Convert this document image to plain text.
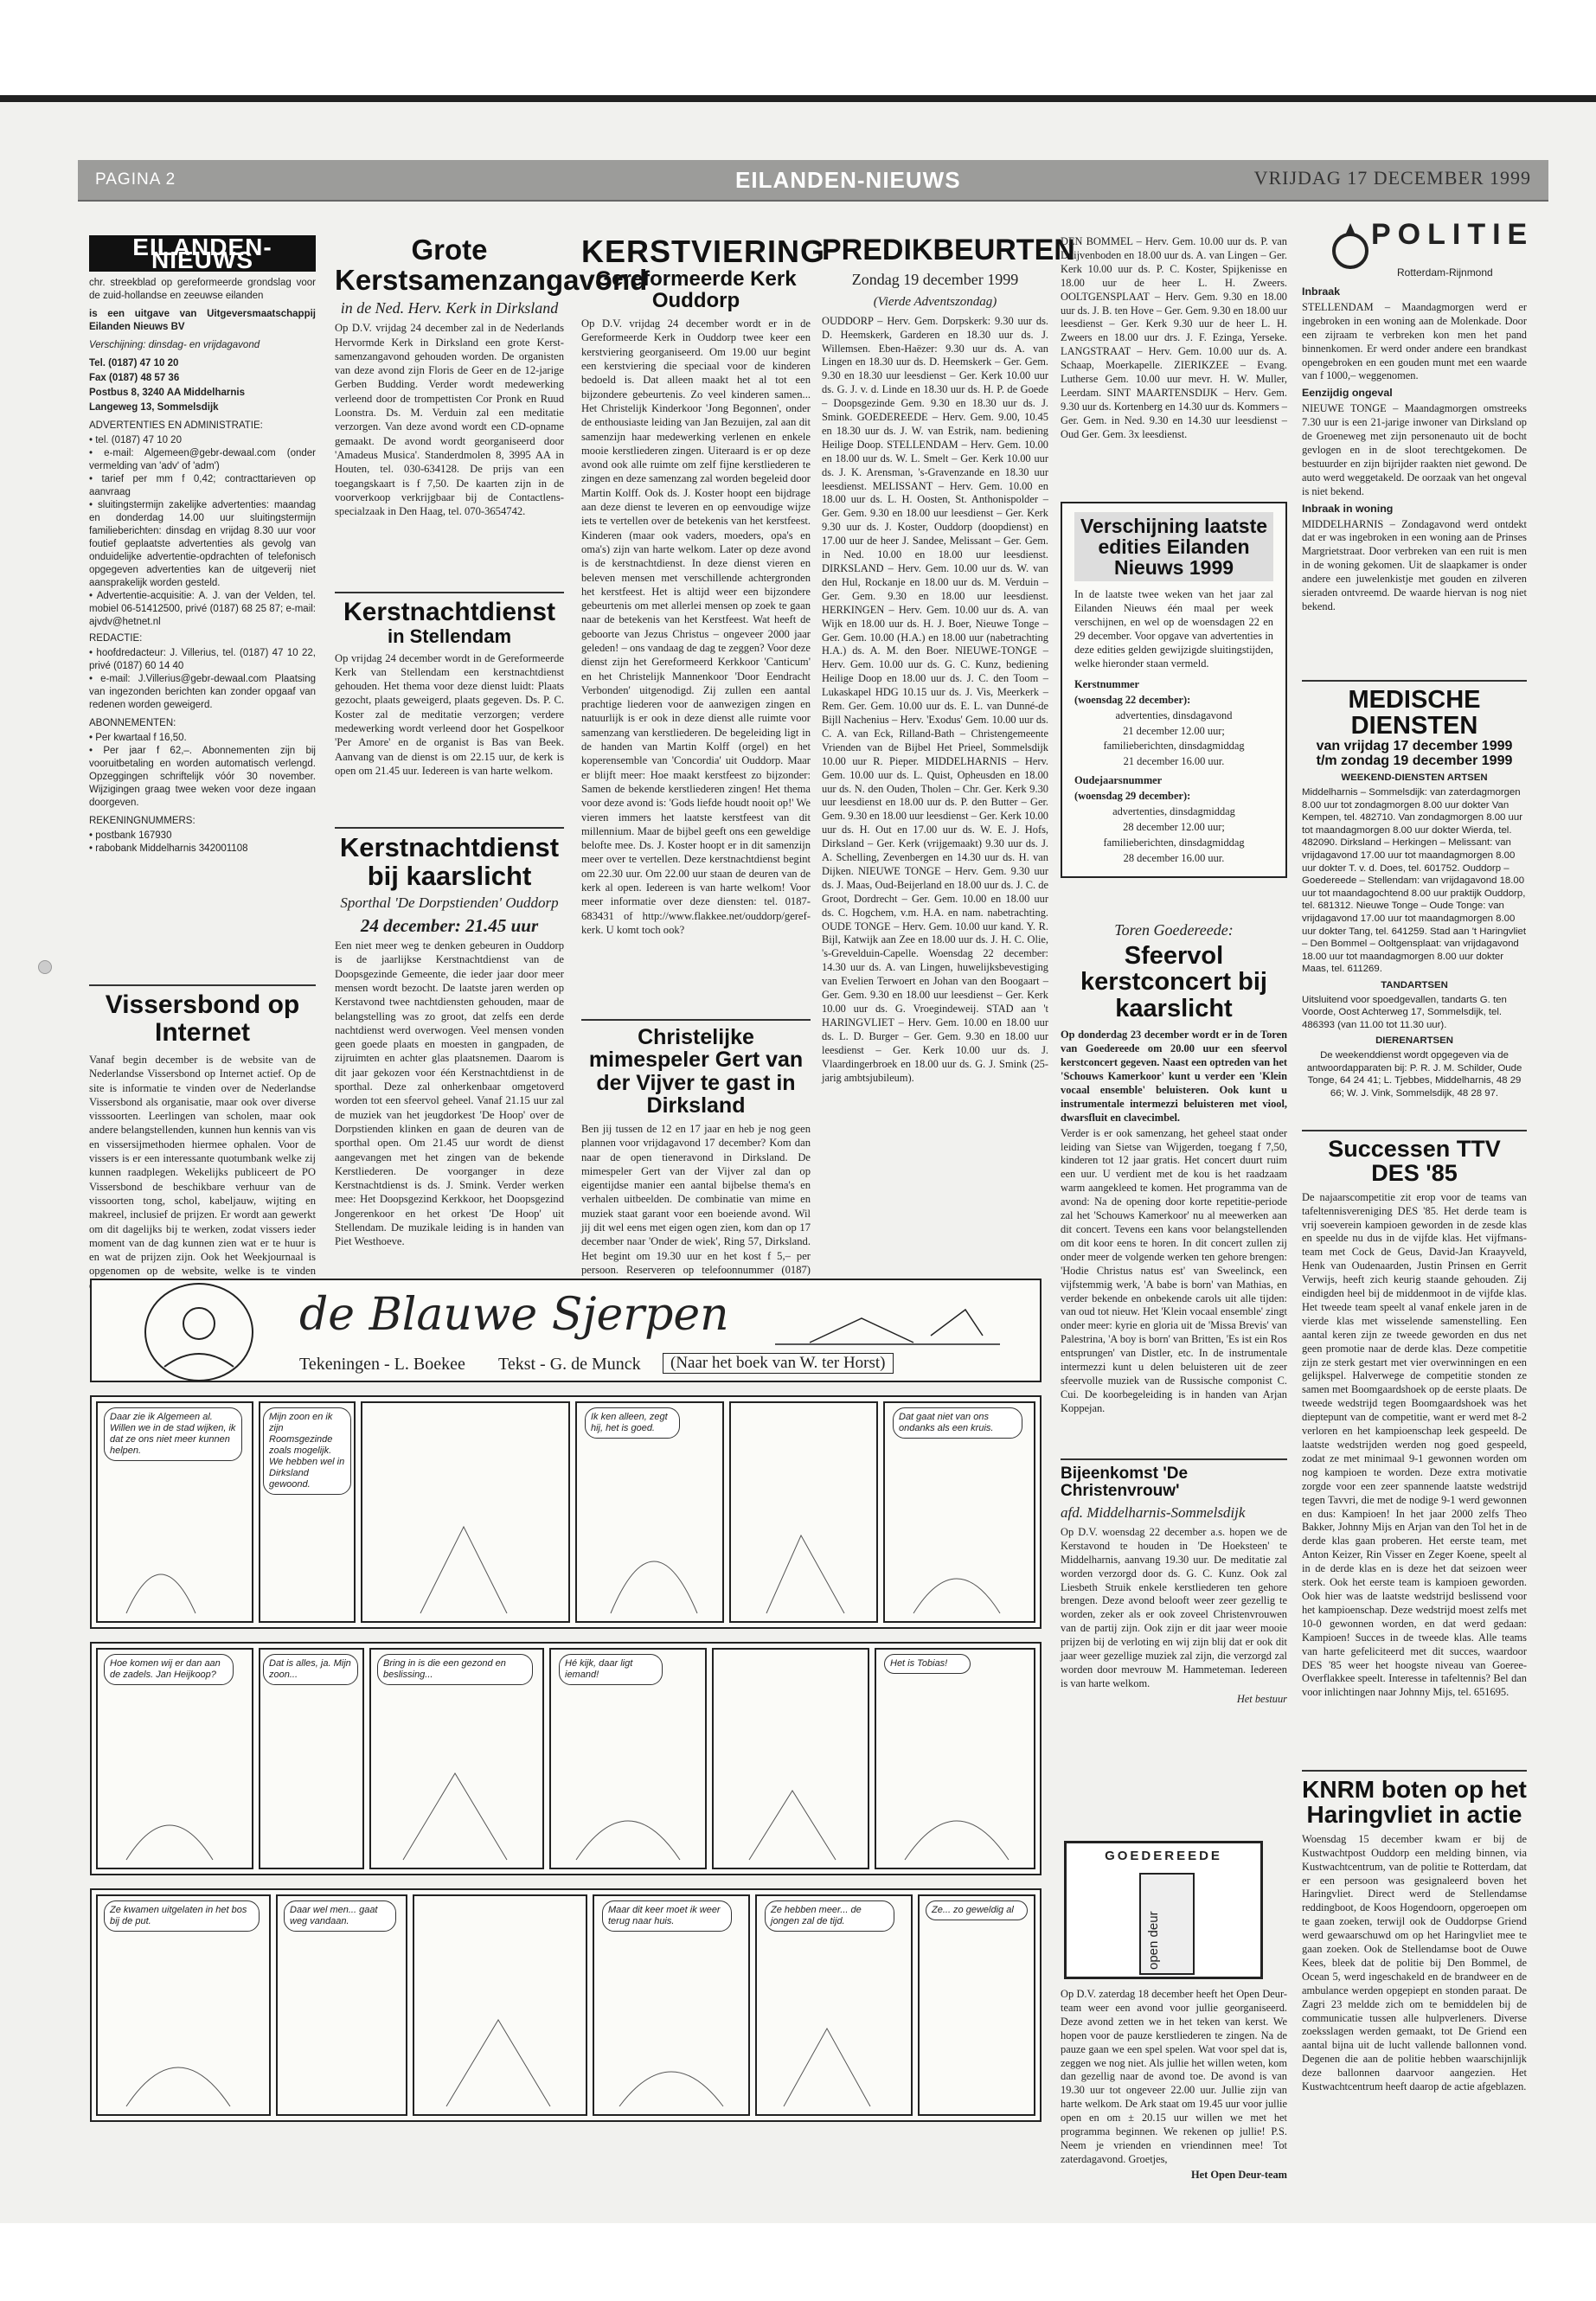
PAGINA 2	EILANDEN-NIEUWS	VRIJDAG 17 DECEMBER 1999
EILANDEN-NIEUWS

chr. streekblad op gereformeerde grondslag voor de zuid-hollandse en zeeuwse eilanden

is een uitgave van Uitgeversmaatschappij Eilanden Nieuws BV

Verschijning: dinsdag- en vrijdagavond

Tel. (0187) 47 10 20

Fax (0187) 48 57 36

Postbus 8, 3240 AA Middelharnis

Langeweg 13, Sommelsdijk

ADVERTENTIES EN ADMINISTRATIE:

• tel. (0187) 47 10 20
• e-mail: Algemeen@gebr-dewaal.com (onder vermelding van 'adv' of 'adm')
• tarief per mm f 0,42; contracttarieven op aanvraag
• sluitingstermijn zakelijke advertenties: maandag en donderdag 14.00 uur sluitingstermijn familieberichten: dinsdag en vrijdag 8.30 uur voor foutief geplaatste advertenties als gevolg van onduidelijke advertentie-opdrachten of telefonisch opgegeven advertenties kan de uitgeverij niet aansprakelijk worden gesteld.
• Advertentie-acquisitie: A. J. van der Velden, tel. mobiel 06-51412500, privé (0187) 68 25 87; e-mail: ajvdv@hetnet.nl

REDACTIE:

• hoofdredacteur: J. Villerius, tel. (0187) 47 10 22, privé (0187) 60 14 40
• e-mail: J.Villerius@gebr-dewaal.com Plaatsing van ingezonden berichten kan zonder opgaaf van redenen worden geweigerd.

ABONNEMENTEN:

• Per kwartaal f 16,50.
• Per jaar f 62,–. Abonnementen zijn bij vooruitbetaling en worden automatisch verlengd. Opzeggingen schriftelijk vóór 30 november. Wijzigingen graag twee weken voor deze ingaan doorgeven.

REKENINGNUMMERS:

• postbank 167930
• rabobank Middelharnis 342001108
Vissersbond op Internet

Vanaf begin december is de website van de Nederlandse Vissersbond op Internet actief. Op de site is informatie te vinden over de Nederlandse Vissersbond als organisatie, maar ook over diverse visssoorten. Leerlingen van scholen, maar ook andere belangstellenden, kunnen hun kennis van vis en vissersijmethoden hiermee ophalen. Voor de vissers is er een interessante quotumbank welke zij kunnen raadplegen. Wekelijks publiceert de PO Vissersbond de beschikbare verhuur van de vissoorten tong, schol, kabeljauw, wijting en makreel, inclusief de prijzen. Er wordt aan gewerkt om dit dagelijks bij te werken, zodat vissers ieder moment van de dag kunnen zien wat er te huur is en wat de prijzen zijn. Ook het Weekjournaal is opgenomen op de website, welke is te vinden

Grote Kerstsamenzangavond
in de Ned. Herv. Kerk in Dirksland

Op D.V. vrijdag 24 december zal in de Nederlands Hervormde Kerk in Dirksland een grote Kerst-samenzangavond gehouden worden. De organisten van deze avond zijn Floris de Geer en de 12-jarige Gerben Budding. Verder wordt medewerking verleend door de trompettisten Cor Pronk en Ruud Loonstra. Ds. M. Verduin zal een meditatie verzorgen. Van deze avond wordt een CD-opname gemaakt. De avond wordt georganiseerd door 'Amadeus Musica'. Standerdmolen 8, 3995 AA in Houten, tel. 030-634128. De prijs van een toegangskaart is f 7,50. De kaarten zijn in de voorverkoop verkrijgbaar bij de Contactlens-specialzaak in Den Haag, tel. 070-3654742.

Kerstnachtdienst
in Stellendam

Op vrijdag 24 december wordt in de Gereformeerde Kerk van Stellendam een kerstnachtdienst gehouden. Het thema voor deze dienst luidt: Plaats gezocht, plaats geweigerd, plaats gegeven. Ds. P. C. Koster zal de meditatie verzorgen; verdere medewerking wordt verleend door het Gospelkoor 'Per Amore' en de organist is Bas van Beek. Aanvang van de dienst is om 22.15 uur, de kerk is open om 21.45 uur. Iedereen is van harte welkom.

Kerstnachtdienst bij kaarslicht
Sporthal 'De Dorpstienden' Ouddorp
24 december: 21.45 uur

Een niet meer weg te denken gebeuren in Ouddorp is de jaarlijkse Kerstnachtdienst van de Doopsgezinde Gemeente, die ieder jaar door meer mensen wordt bezocht. De laatste jaren werden op Kerstavond twee nachtdiensten gehouden, maar de belangstelling was zo groot, dat zelfs een derde nachtdienst werd overwogen. Veel mensen vonden geen goede plaats en moesten in gangpaden, de zijruimten en achter glas plaatsnemen. Daarom is dit jaar gekozen voor één Kerstnachtdienst in de sporthal. Deze zal onherkenbaar omgetoverd worden tot een sfeervol geheel. Vanaf 21.15 uur zal de muziek van het jeugdorkest 'De Hoop' over de Dorpstienden klinken en gaan de deuren van de sporthal open. Om 21.45 uur wordt de dienst aangevangen met het zingen van de bekende Kerstliederen. De voorganger in deze Kerstnachtdienst is ds. J. Smink. Verder werken mee: Het Doopsgezind Kerkkoor, het Doopsgezind Jongerenkoor en het orkest 'De Hoop' uit Stellendam. De muzikale leiding is in handen van Piet Westhoeve.

KERSTVIERING
Gereformeerde Kerk
Ouddorp

Op D.V. vrijdag 24 december wordt er in de Gereformeerde Kerk in Ouddorp twee keer een kerstviering georganiseerd. Om 19.00 uur begint een kerstviering die speciaal voor de kinderen bedoeld is. Dat alleen maakt het al tot een bijzondere gebeurtenis. Zo veel kinderen samen... Het Christelijk Kinderkoor 'Jong Begonnen', onder de enthousiaste leiding van Jan Bezuijen, zal aan dit samenzijn haar medewerking verlenen en enkele mooie kerstliederen zingen. Uiteraard is er op deze avond ook alle ruimte om zelf fijne kerstliederen te zingen en deze samenzang zal worden begeleid door Martin Kolff. Ook ds. J. Koster hoopt een bijdrage aan deze dienst te leveren en op eenvoudige wijze iets te vertellen over de betekenis van het kerstfeest. Kinderen (maar ook vaders, moeders, opa's en oma's) zijn van harte welkom. Later op deze avond is de kerstnachtdienst. In deze dienst vieren en beleven mensen met verschillende achtergronden het kerstfeest. Het is altijd weer een bijzondere gebeurtenis om met allerlei mensen op zoek te gaan naar de betekenis van het Kerstfeest. Wat heeft de geboorte van Jezus Christus – ongeveer 2000 jaar geleden! – ons vandaag de dag te zeggen? Voor deze dienst zijn het Gereformeerd Kerkkoor 'Canticum' en het Christelijk Mannenkoor 'Door Eendracht Verbonden' uitgenodigd. Zij zullen een aantal prachtige liederen voor de aanwezigen zingen en natuurlijk is er ook in deze dienst alle ruimte voor samenzang van kerstliederen. De begeleiding ligt in de handen van Martin Kolff (orgel) en het koperensemble van 'Concordia' uit Ouddorp. Maar er blijft meer: Hoe maakt kerstfeest zo bijzonder: Samen de bekende kerstliederen zingen! Het thema voor deze avond is: 'Gods liefde houdt nooit op!' We vieren immers het laatste kerstfeest van dit millennium. Maar de bijbel geeft ons een geweldige belofte mee. Ds. J. Koster hoopt er in dit samenzijn meer over te vertellen. Deze kerstnachtdienst begint om 22.30 uur. Om 22.00 uur staan de deuren van de kerk al open. Iedereen is van harte welkom! Voor meer informatie over deze diensten: tel. 0187-683431 of http://www.flakkee.net/ouddorp/geref-kerk. U komt toch ook?

Christelijke mimespeler Gert van der Vijver te gast in Dirksland

Ben jij tussen de 12 en 17 jaar en heb je nog geen plannen voor vrijdagavond 17 december? Kom dan naar de open tieneravond in Dirksland. De mimespeler Gert van der Vijver zal dan op eigentijdse manier een aantal bijbelse thema's en verhalen uitbeelden. De combinatie van mime en muziek staat garant voor een boeiende avond. Wil jij dit wel eens met eigen ogen zien, kom dan op 17 december naar 'Onder de wiek', Ring 57, Dirksland. Het begint om 19.30 uur en het kost f 5,– per persoon. Reserveren op telefoonnummer (0187)

PREDIKBEURTEN
Zondag 19 december 1999
(Vierde Adventszondag)

OUDDORP – Herv. Gem. Dorpskerk: 9.30 uur ds. D. Heemskerk, Garderen en 18.30 uur ds. J. Willemsen. Eben-Haëzer: 9.30 uur ds. A. van Lingen en 18.30 uur ds. D. Heemskerk – Ger. Gem. 9.30 en 18.30 uur leesdienst – Ger. Kerk 10.00 uur ds. G. J. v. d. Linde en 18.30 uur ds. H. P. de Goede – Doopsgezinde Gem. 9.30 en 18.30 uur ds. J. Smink. GOEDEREEDE – Herv. Gem. 9.00, 10.45 en 18.30 uur ds. J. W. van Estrik, nam. bediening Heilige Doop. STELLENDAM – Herv. Gem. 10.00 en 18.00 uur ds. W. L. Smelt – Ger. Kerk 10.00 uur ds. J. K. Arensman, 's-Gravenzande en 18.30 uur leesdienst. MELISSANT – Herv. Gem. 10.00 en 18.00 uur ds. L. H. Oosten, St. Anthonispolder – Ger. Gem. 9.30 en 18.00 uur leesdienst – Ger. Kerk 9.30 uur ds. J. Koster, Ouddorp (doopdienst) en 17.00 uur de heer J. Sandee, Melissant – Ger. Gem. in Ned. 10.00 en 18.00 uur leesdienst. DIRKSLAND – Herv. Gem. 10.00 uur ds. W. van den Hul, Rockanje en 18.00 uur ds. M. Verduin – Ger. Gem. 9.30 en 18.00 uur leesdienst. HERKINGEN – Herv. Gem. 10.00 uur ds. A. van Wijk en 18.00 uur ds. H. J. Boer, Nieuwe Tonge – Ger. Gem. 10.00 (H.A.) en 18.00 uur (nabetrachting H.A.) ds. A. M. den Boer. NIEUWE-TONGE – Herv. Gem. 10.00 uur ds. G. C. Kunz, bediening Heilige Doop en 18.00 uur ds. J. C. den Toom – Lukaskapel HDG 10.15 uur ds. J. Vis, Meerkerk – Rem. Ger. Gem. 10.00 uur ds. E. L. van Dunné-de Bijll Nachenius – Herv. 'Exodus' Gem. 10.00 uur ds. C. A. van Eck, Rilland-Bath – Christengemeente Vrienden van de Bijbel Het Prieel, Sommelsdijk 10.00 uur R. Pieper. MIDDELHARNIS – Herv. Gem. 10.00 uur ds. L. Quist, Opheusden en 18.00 uur ds. N. den Ouden, Tholen – Chr. Ger. Kerk 9.30 uur leesdienst en 18.00 uur ds. P. den Butter – Ger. Gem. 9.30 en 18.00 uur leesdienst – Ger. Kerk 10.00 uur ds. H. Out en 17.00 uur ds. W. E. J. Hofs, Dirksland – Ger. Kerk (vrijgemaakt) 9.30 uur ds. J. A. Schelling, Zevenbergen en 14.30 uur ds. H. van Dijken. NIEUWE TONGE – Herv. Gem. 9.30 uur ds. J. Maas, Oud-Beijerland en 18.00 uur ds. J. C. de Groot, Dordrecht – Ger. Gem. 10.00 en 18.00 uur ds. C. Hogchem, v.m. H.A. en nam. nabetrachting. OUDE TONGE – Herv. Gem. 10.00 uur kand. Y. R. Bijl, Katwijk aan Zee en 18.00 uur ds. J. H. C. Olie, 's-Grevelduin-Capelle. Woensdag 22 december: 14.30 uur ds. A. van Lingen, huwelijksbevestiging van Evelien Terwoert en Johan van den Boogaart – Ger. Gem. 9.30 en 18.00 uur leesdienst – Ger. Kerk 10.00 uur ds. G. Vroegindeweij. STAD aan 't HARINGVLIET – Herv. Gem. 10.00 en 18.00 uur ds. L. D. Burger – Ger. Gem. 9.30 en 18.00 uur leesdienst – Ger. Kerk 10.00 uur ds. J. Vlaardingerbroek en 18.00 uur ds. G. J. Smink (25-jarig ambtsjubileum).

DEN BOMMEL – Herv. Gem. 10.00 uur ds. P. van Duijvenboden en 18.00 uur ds. A. van Lingen – Ger. Kerk 10.00 uur ds. P. C. Koster, Spijkenisse en 18.00 uur de heer L. H. Zweers. OOLTGENSPLAAT – Herv. Gem. 9.30 en 18.00 uur ds. J. B. ten Hove – Ger. Gem. 9.30 en 18.00 uur leesdienst – Ger. Kerk 9.30 uur de heer L. H. Zweers en 18.00 uur drs. J. F. Ezinga, Yerseke. LANGSTRAAT – Herv. Gem. 10.00 uur ds. A. Schaap, Moerkapelle. ZIERIKZEE – Evang. Lutherse Gem. 10.00 uur mevr. H. W. Muller, Leerdam. SINT MAARTENSDIJK – Herv. Gem. 9.30 uur ds. Kortenberg en 14.30 uur ds. Kommers – Ger. Gem. in Ned. 9.30 en 14.30 uur leesdienst – Oud Ger. Gem. 3x leesdienst.

Verschijning laatste edities Eilanden Nieuws 1999

In de laatste twee weken van het jaar zal Eilanden Nieuws één maal per week verschijnen, en wel op de woensdagen 22 en 29 december. Voor opgave van advertenties in deze edities gelden gewijzigde sluitingstijden, welke hieronder staan vermeld.

Kerstnummer

(woensdag 22 december):

advertenties, dinsdagavond

21 december 12.00 uur;

familieberichten, dinsdagmiddag

21 december 16.00 uur.

Oudejaarsnummer

(woensdag 29 december):

advertenties, dinsdagmiddag

28 december 12.00 uur;

familieberichten, dinsdagmiddag

28 december 16.00 uur.

Toren Goedereede:
Sfeervol kerstconcert bij kaarslicht

Op donderdag 23 december wordt er in de Toren van Goedereede om 20.00 uur een sfeervol kerstconcert gegeven. Naast een optreden van het 'Schouws Kamerkoor' kunt u verder een 'Klein vocaal ensemble' beluisteren. Ook kunt u instrumentale intermezzi beluisteren met viool, dwarsfluit en clavecimbel.

Verder is er ook samenzang, het geheel staat onder leiding van Sietse van Wijgerden, toegang f 7,50, kinderen tot 12 jaar gratis. Het concert duurt ruim een uur. U verdient met de kou is het raadzaam warm aangekleed te komen. Het programma van de avond: Na de opening door korte repetitie-periode zal het 'Schouws Kamerkoor' nu al meewerken aan dit concert. Tevens een kans voor belangstellenden om dit koor eens te horen. In dit concert zullen zij onder meer de volgende werken ten gehore brengen: 'Hodie Christus natus est' van Sweelinck, een vijfstemmig werk, 'A babe is born' van Mathias, en verder bekende en onbekende carols uit alle tijden: van oud tot nieuw. Het 'Klein vocaal ensemble' zingt onder meer: kyrie en gloria uit de 'Missa Brevis' van Palestrina, 'A boy is born' van Britten, 'Es ist ein Ros entsprungen' van Distler, etc. In de instrumentale intermezzi kunt u delen beluisteren uit de zeer sfeervolle muziek van de Russische componist C. Cui. De koorbegeleiding is in handen van Arjan Koppejan.

Bijeenkomst 'De Christenvrouw'
afd. Middelharnis-Sommelsdijk

Op D.V. woensdag 22 december a.s. hopen we de Kerstavond te houden in 'De Hoeksteen' te Middelharnis, aanvang 19.30 uur. De meditatie zal worden verzorgd door ds. G. C. Kunz. Ook zal Liesbeth Struik enkele kerstliederen ten gehore brengen. Deze avond belooft weer zeer gezellig te worden, zeker als er ook zoveel Christenvrouwen van de partij zijn. Ook zijn er dit jaar weer mooie prijzen bij de verloting en wij zijn blij dat er ook dit jaar weer gezellige muziek zal zijn, die verzorgd zal worden door mevrouw M. Hammeteman. Iedereen is van harte welkom.

Het bestuur

GOEDEREEDE
open deur

Op D.V. zaterdag 18 december heeft het Open Deur-team weer een avond voor jullie georganiseerd. Deze avond zetten we in het teken van kerst. We hopen voor de pauze kerstliederen te zingen. Na de pauze gaan we een spel spelen. Wat voor spel dat is, zeggen we nog niet. Als jullie het willen weten, kom dan gezellig naar de avond toe. De avond is van 19.30 uur tot ongeveer 22.00 uur. Jullie zijn van harte welkom. De Ark staat om 19.45 uur voor jullie open en om ± 20.15 uur willen we met het programma beginnen. We rekenen op jullie! P.S. Neem je vrienden en vriendinnen mee! Tot zaterdagavond. Groetjes,

Het Open Deur-team

POLITIE
Rotterdam-Rijnmond

Inbraak

STELLENDAM – Maandagmorgen werd er ingebroken in een woning aan de Molenkade. Door een zijraam te verbreken kon men het pand binnenkomen. Er werd onder andere een brandkast opengebroken en een gouden munt met een waarde van f 1000,– weggenomen.

Eenzijdig ongeval

NIEUWE TONGE – Maandagmorgen omstreeks 7.30 uur is een 21-jarige inwoner van Dirksland op de Groeneweg met zijn personenauto uit de bocht gevlogen en in de sloot terechtgekomen. De bestuurder en zijn bijrijder raakten niet gewond. De auto werd weggetakeld. De oorzaak van het ongeval is niet bekend.

Inbraak in woning

MIDDELHARNIS – Zondagavond werd ontdekt dat er was ingebroken in een woning aan de Prinses Margrietstraat. Door verbreken van een ruit is men in de woning gekomen. Uit de slaapkamer is onder andere een juwelenkistje met gouden en zilveren sieraden ontvreemd. De waarde hiervan is nog niet bekend.

MEDISCHE DIENSTEN
van vrijdag 17 december 1999
t/m zondag 19 december 1999

WEEKEND-DIENSTEN ARTSEN

Middelharnis – Sommelsdijk: van zaterdagmorgen 8.00 uur tot zondagmorgen 8.00 uur dokter Van Kempen, tel. 482710. Van zondagmorgen 8.00 uur tot maandagmorgen 8.00 uur dokter Wierda, tel. 482090. Dirksland – Herkingen – Melissant: van vrijdagavond 17.00 uur tot maandagmorgen 8.00 uur dokter T. v. d. Does, tel. 601752. Ouddorp – Goedereede – Stellendam: van vrijdagavond 18.00 uur tot maandagochtend 8.00 uur praktijk Ouddorp, tel. 681312. Nieuwe Tonge – Oude Tonge: van vrijdagavond 17.00 uur tot maandagmorgen 8.00 uur dokter Tang, tel. 641259. Stad aan 't Haringvliet – Den Bommel – Ooltgensplaat: van vrijdagavond 18.00 uur tot maandagmorgen 8.00 uur dokter Maas, tel. 611269.

TANDARTSEN

Uitsluitend voor spoedgevallen, tandarts G. ten Voorde, Oost Achterweg 17, Sommelsdijk, tel. 486393 (van 11.00 tot 11.30 uur).

DIERENARTSEN

De weekenddienst wordt opgegeven via de antwoordapparaten bij: P. R. J. M. Schilder, Oude Tonge, 64 24 41; L. Tjebbes, Middelharnis, 48 29 66; W. J. Vink, Sommelsdijk, 48 28 97.

Successen TTV DES '85

De najaarscompetitie zit erop voor de teams van tafeltennisvereniging DES '85. Het derde team is vrij soeverein kampioen geworden in de zesde klas en speelde nu dus in de vijfde klas. Het vijfmans-team met Cock de Geus, David-Jan Kraayveld, Henk van Oudenaarden, Justin Prinsen en Gerrit Verwijs, heeft zich keurig staande gehouden. Zij eindigden heel bij de middenmoot in de vijfde klas. Het tweede team speelt al vanaf enkele jaren in de vierde klas met wisselende samenstelling. Een aantal keren zijn ze tweede geworden en dus net geen promotie naar de derde klas. Deze competitie zijn ze sterk gestart met vier overwinningen en een gelijkspel. Halverwege de competitie stonden ze samen met Boomgaardshoek op de eerste plaats. De tweede wedstrijd tegen Boomgaardshoek was het dieptepunt van de competitie, want er werd met 8-2 verloren en het kampioenschap leek gespeeld. De laatste wedstrijden werden nog goed gespeeld, zodat ze met minimaal 9-1 gewonnen worden om nog kampioen te worden. Deze extra motivatie zorgde voor een zeer spannende laatste wedstrijd tegen Tavvri, die met de nodige 9-1 werd gewonnen en dus: Kampioen! In het jaar 2000 zelfs Theo Bakker, Johnny Mijs en Arjan van den Tol het in de derde klas gaan proberen. Het eerste team, met Anton Keizer, Rin Visser en Zeger Koene, speelt al in de derde klas en is deze het dat seizoen weer sterk. Ook het eerste team is kampioen geworden. Ook hier was de laatste wedstrijd beslissend voor het kampioenschap. Deze wedstrijd moest zelfs met 10-0 gewonnen worden, en dat werd gedaan: Kampioen! Succes in de tweede klas. Alle teams van harte gefeliciteerd met dit succes, waardoor DES '85 weer het hoogste niveau van Goeree-Overflakkee speelt. Interesse in tafeltennis? Bel dan voor inlichtingen naar Johnny Mijs, tel. 651695.

KNRM boten op het Haringvliet in actie

Woensdag 15 december kwam er bij de Kustwachtpost Ouddorp een melding binnen, via Kustwachtcentrum, van de politie te Rotterdam, dat er een persoon was gesignaleerd boven het Haringvliet. Direct werd de Stellendamse reddingboot, de Koos Hogendoorn, opgeroepen om te gaan zoeken, terwijl ook de Ouddorpse Griend werd gewaarschuwd om op het Haringvliet mee te gaan zoeken. Ook de Stellendamse boot de Ouwe Kees, bleek dat de politie bij Den Bommel, de Ocean 5, werd ingeschakeld en de brandweer en de ambulance werden opgepiept en stonden paraat. De Zagri 23 meldde zich om te bemiddelen bij de communicatie tussen alle hulpverleners. Diverse zoeksslagen werden gemaakt, tot De Griend een aantal bijna uit de lucht vallende ballonnen vond. Degenen die aan de politie hebben waarschijnlijk deze ballonnen daarvoor aangezien. Het Kustwachtcentrum heeft daarop de actie afgeblazen.

de Blauwe Sjerpen
Tekeningen - L. Boekee Tekst - G. de Munck	(Naar het boek van W. ter Horst)
Daar zie ik Algemeen al. Willen we in de stad wijken, ik dat ze ons niet meer kunnen helpen.
Mijn zoon en ik zijn Roomsgezinde zoals mogelijk. We hebben wel in Dirksland gewoond.
Ik ken alleen, zegt hij, het is goed.
Dat gaat niet van ons ondanks als een kruis.
Hoe komen wij er dan aan de zadels. Jan Heijkoop?
Dat is alles, ja. Mijn zoon...
Bring in is die een gezond en beslissing...
Hé kijk, daar ligt iemand!
Het is Tobias!
Ze kwamen uitgelaten in het bos bij de put.
Daar wel men... gaat weg vandaan.
Maar dit keer moet ik weer terug naar huis.
Ze hebben meer... de jongen zal de tijd.
Ze... zo geweldig al
